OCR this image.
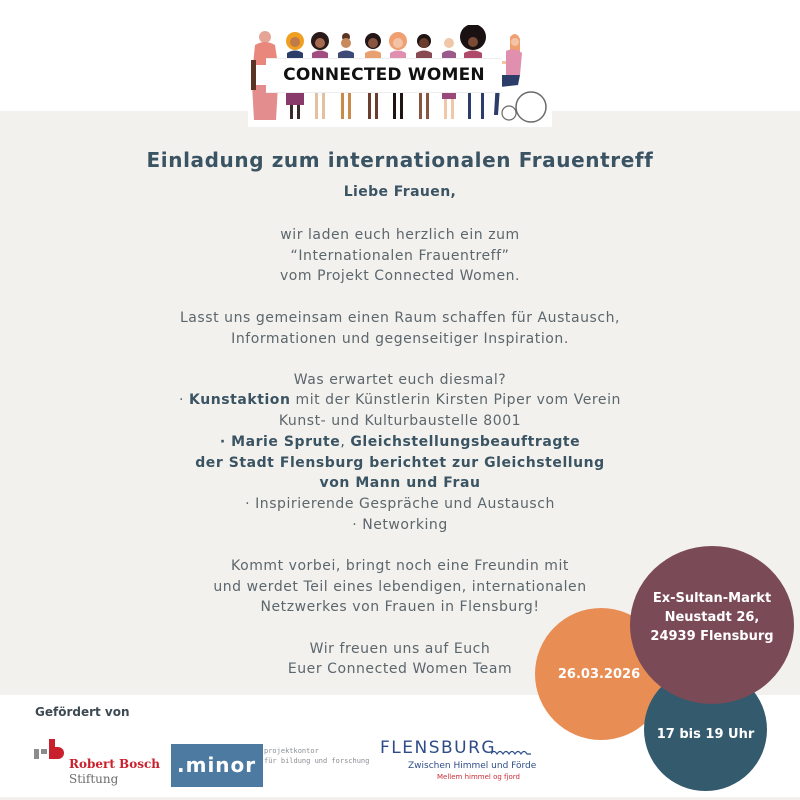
CONNECTED WOMEN
Einladung zum internationalen Frauentreff
Liebe Frauen,
wir laden euch herzlich ein zum
“Internationalen Frauentreff”
vom Projekt Connected Women.
Lasst uns gemeinsam einen Raum schaffen für Austausch,
Informationen und gegenseitiger Inspiration.
Was erwartet euch diesmal?
· Kunstaktion mit der Künstlerin Kirsten Piper vom Verein
Kunst- und Kulturbaustelle 8001
· Marie Sprute, Gleichstellungsbeauftragte
der Stadt Flensburg berichtet zur Gleichstellung
von Mann und Frau
· Inspirierende Gespräche und Austausch
· Networking
Kommt vorbei, bringt noch eine Freundin mit
und werdet Teil eines lebendigen, internationalen
Netzwerkes von Frauen in Flensburg!
Wir freuen uns auf Euch
Euer Connected Women Team	26.03.2026
17 bis 19 Uhr
Ex-Sultan-Markt
Neustadt 26,
24939 Flensburg
Gefördert von
Robert Bosch
Stiftung
.minor
projektkontor
für bildung und forschung
FLENSBURG
Zwischen Himmel und Förde
Mellem himmel og fjord
